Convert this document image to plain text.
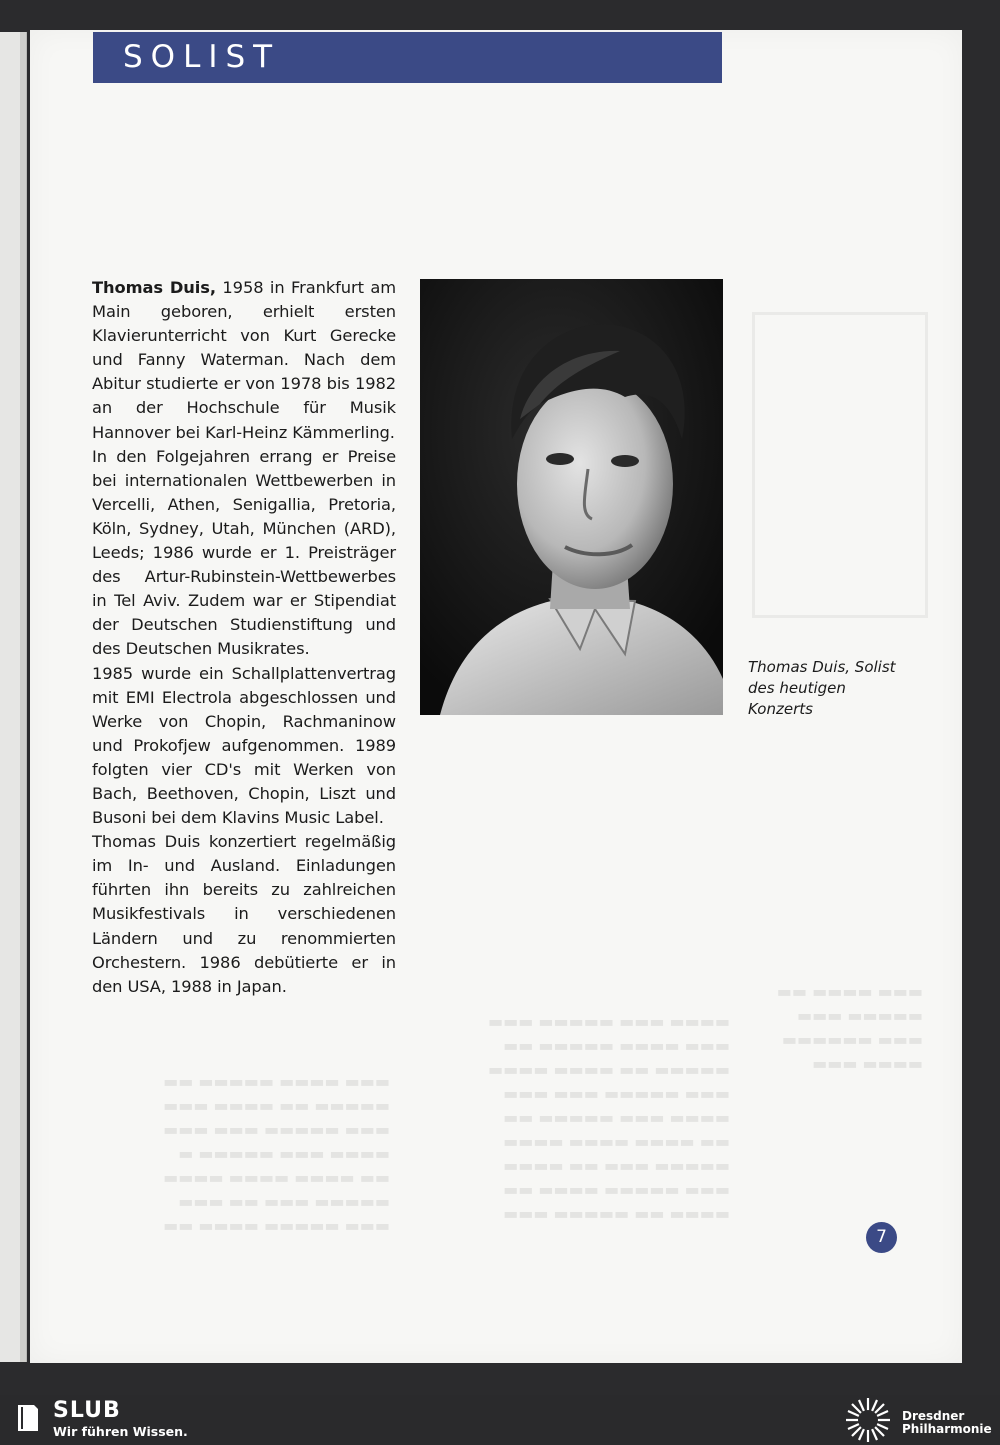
▬▬▬ ▬▬▬▬ ▬▬
▬▬▬▬▬ ▬▬▬
▬▬▬ ▬▬▬▬▬▬
▬▬▬▬ ▬▬▬
▬▬▬▬ ▬▬▬ ▬▬▬▬▬ ▬▬▬
▬▬▬ ▬▬▬▬ ▬▬▬▬▬ ▬▬
▬▬▬▬▬ ▬▬ ▬▬▬▬ ▬▬▬▬
▬▬▬ ▬▬▬▬▬ ▬▬▬ ▬▬▬
▬▬▬▬ ▬▬▬ ▬▬▬▬▬ ▬▬
▬▬ ▬▬▬▬ ▬▬▬▬ ▬▬▬▬
▬▬▬▬▬ ▬▬▬ ▬▬ ▬▬▬▬
▬▬▬ ▬▬▬▬▬ ▬▬▬▬ ▬▬
▬▬▬▬ ▬▬ ▬▬▬▬▬ ▬▬▬
▬▬▬ ▬▬▬▬ ▬▬▬▬▬ ▬▬
▬▬▬▬▬ ▬▬ ▬▬▬▬ ▬▬▬
▬▬▬ ▬▬▬▬▬ ▬▬▬ ▬▬▬
▬▬▬▬ ▬▬▬ ▬▬▬▬▬ ▬
▬▬ ▬▬▬▬ ▬▬▬▬ ▬▬▬▬
▬▬▬▬▬ ▬▬▬ ▬▬ ▬▬▬
▬▬▬ ▬▬▬▬▬ ▬▬▬▬ ▬▬
SOLIST

Thomas Duis, 1958 in Frankfurt am Main geboren, erhielt ersten Klavierunterricht von Kurt Gerecke und Fanny Waterman. Nach dem Abitur studierte er von 1978 bis 1982 an der Hochschule für Musik Hannover bei Karl-Heinz Kämmerling.

In den Folgejahren errang er Preise bei internationalen Wettbewerben in Vercelli, Athen, Senigallia, Pretoria, Köln, Sydney, Utah, München (ARD), Leeds; 1986 wurde er 1. Preisträger des Artur-Rubinstein-Wettbewerbes in Tel Aviv. Zudem war er Stipendiat der Deutschen Studienstiftung und des Deutschen Musikrates.

1985 wurde ein Schallplattenvertrag mit EMI Electrola abgeschlossen und Werke von Chopin, Rachmaninow und Prokofjew aufgenommen. 1989 folgten vier CD's mit Werken von Bach, Beethoven, Chopin, Liszt und Busoni bei dem Klavins Music Label.

Thomas Duis konzertiert regelmäßig im In- und Ausland. Einladungen führten ihn bereits zu zahlreichen Musikfestivals in verschiedenen Ländern und zu renommierten Orchestern. 1986 debütierte er in den USA, 1988 in Japan.

Thomas Duis, Solist
des heutigen
Konzerts
7
SLUB
Wir führen Wissen.
Dresdner
Philharmonie
